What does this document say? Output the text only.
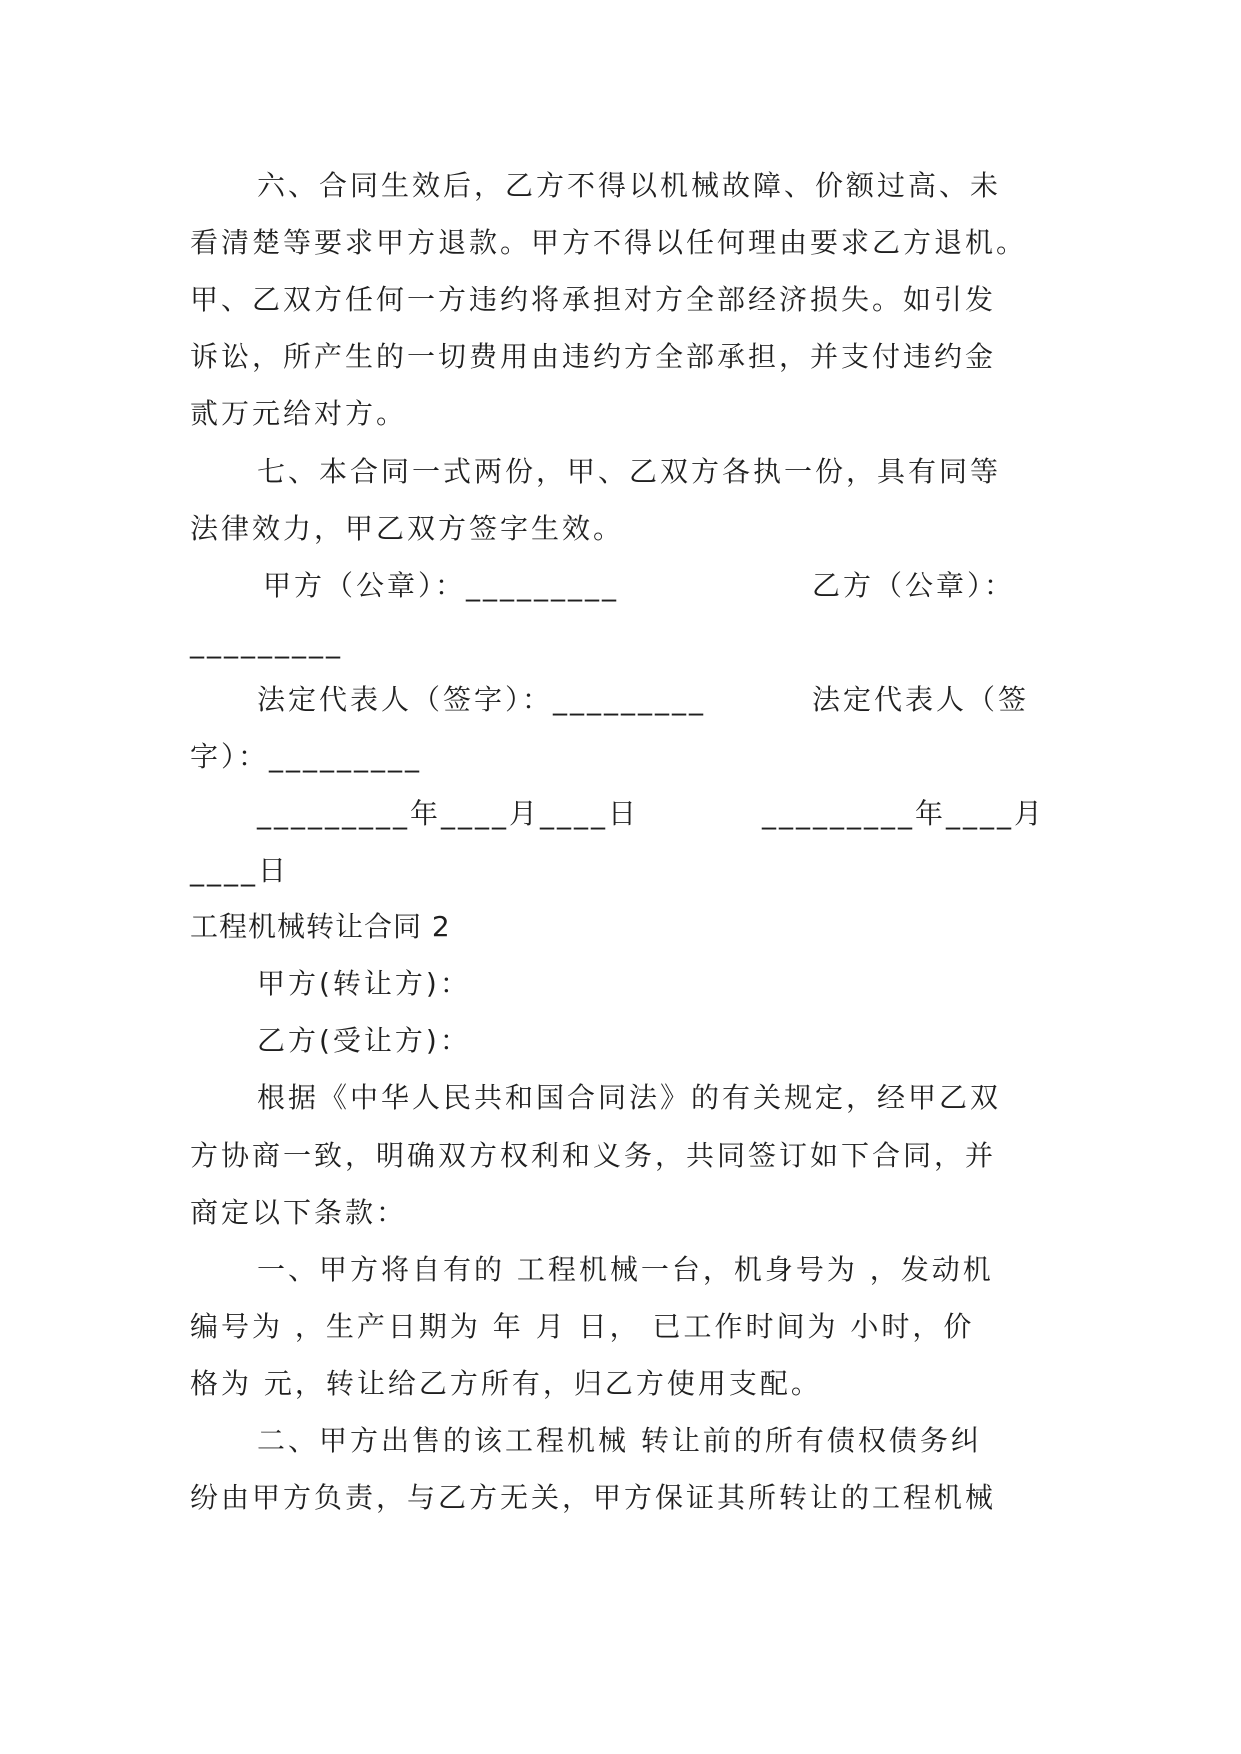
六、合同生效后，乙方不得以机械故障、价额过高、未
看清楚等要求甲方退款。甲方不得以任何理由要求乙方退机。
甲、乙双方任何一方违约将承担对方全部经济损失。如引发
诉讼，所产生的一切费用由违约方全部承担，并支付违约金
贰万元给对方。
七、本合同一式两份，甲、乙双方各执一份，具有同等
法律效力，甲乙双方签字生效。
甲方（公章）：_________	乙方（公章）：
_________
法定代表人（签字）：_________	法定代表人（签
字）：_________
_________年____月____日	_________年____月
____日
工程机械转让合同 2
甲方(转让方)：
乙方(受让方)：
根据《中华人民共和国合同法》的有关规定，经甲乙双
方协商一致，明确双方权利和义务，共同签订如下合同，并
商定以下条款：
一、甲方将自有的 工程机械一台，机身号为 ，发动机
编号为 ，生产日期为 年 月 日， 已工作时间为 小时，价
格为 元，转让给乙方所有，归乙方使用支配。
二、甲方出售的该工程机械 转让前的所有债权债务纠
纷由甲方负责，与乙方无关，甲方保证其所转让的工程机械
